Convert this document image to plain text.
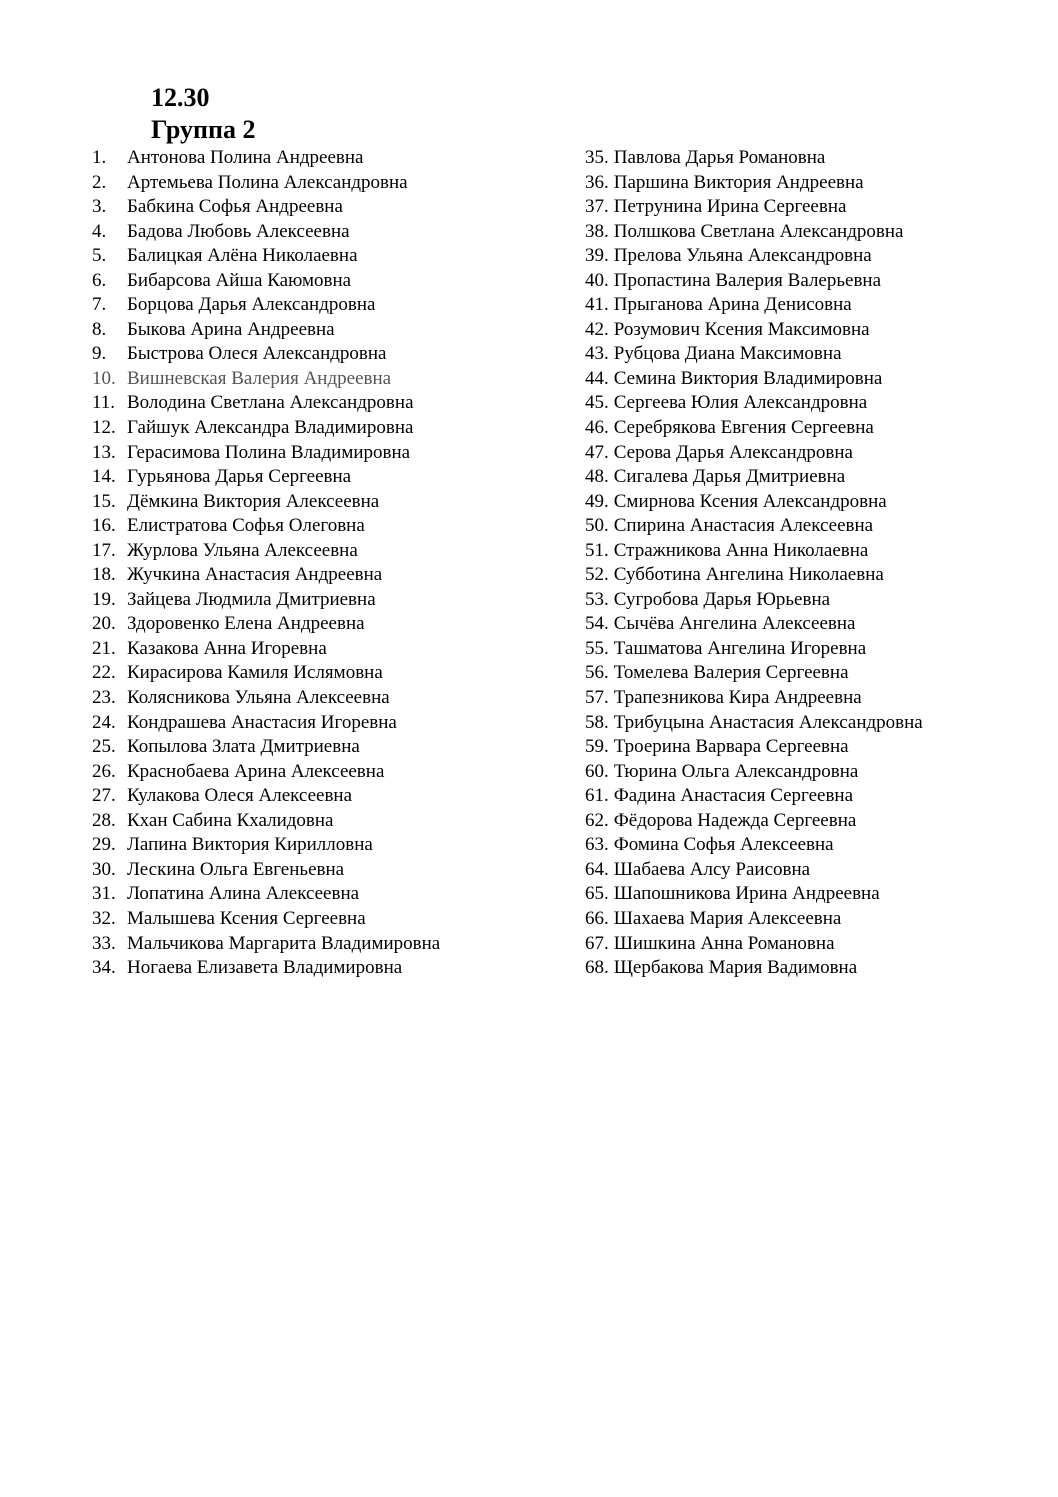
12.30
Группа 2
1.	Антонова Полина Андреевна
2.	Артемьева Полина Александровна
3.	Бабкина Софья Андреевна
4.	Бадова Любовь Алексеевна
5.	Балицкая Алёна Николаевна
6.	Бибарсова Айша Каюмовна
7.	Борцова Дарья Александровна
8.	Быкова Арина Андреевна
9.	Быстрова Олеся Александровна
10. Вишневская Валерия Андреевна
11. Володина Светлана Александровна
12. Гайшук Александра Владимировна
13. Герасимова Полина Владимировна
14. Гурьянова Дарья Сергеевна
15. Дёмкина Виктория Алексеевна
16. Елистратова Софья Олеговна
17. Журлова Ульяна Алексеевна
18. Жучкина Анастасия Андреевна
19. Зайцева Людмила Дмитриевна
20. Здоровенко Елена Андреевна
21. Казакова Анна Игоревна
22. Кирасирова Камиля Ислямовна
23. Колясникова Ульяна Алексеевна
24. Кондрашева Анастасия Игоревна
25. Копылова Злата Дмитриевна
26. Краснобаева Арина Алексеевна
27. Кулакова Олеся Алексеевна
28. Кхан Сабина Кхалидовна
29. Лапина Виктория Кирилловна
30. Лескина Ольга Евгеньевна
31. Лопатина Алина Алексеевна
32. Малышева Ксения Сергеевна
33. Мальчикова Маргарита Владимировна
34. Ногаева Елизавета Владимировна
35. Павлова Дарья Романовна
36. Паршина Виктория Андреевна
37. Петрунина Ирина Сергеевна
38. Полшкова Светлана Александровна
39. Прелова Ульяна Александровна
40. Пропастина Валерия Валерьевна
41. Прыганова Арина Денисовна
42. Розумович Ксения Максимовна
43. Рубцова Диана Максимовна
44. Семина Виктория Владимировна
45. Сергеева Юлия Александровна
46. Серебрякова Евгения Сергеевна
47. Серова Дарья Александровна
48. Сигалева Дарья Дмитриевна
49. Смирнова Ксения Александровна
50. Спирина Анастасия Алексеевна
51. Стражникова Анна Николаевна
52. Субботина Ангелина Николаевна
53. Сугробова Дарья Юрьевна
54. Сычёва Ангелина Алексеевна
55. Ташматова Ангелина Игоревна
56. Томелева Валерия Сергеевна
57. Трапезникова Кира Андреевна
58. Трибуцына Анастасия Александровна
59. Троерина Варвара Сергеевна
60. Тюрина Ольга Александровна
61. Фадина Анастасия Сергеевна
62. Фёдорова Надежда Сергеевна
63. Фомина Софья Алексеевна
64. Шабаева Алсу Раисовна
65. Шапошникова Ирина Андреевна
66. Шахаева Мария Алексеевна
67. Шишкина Анна Романовна
68. Щербакова Мария Вадимовна
